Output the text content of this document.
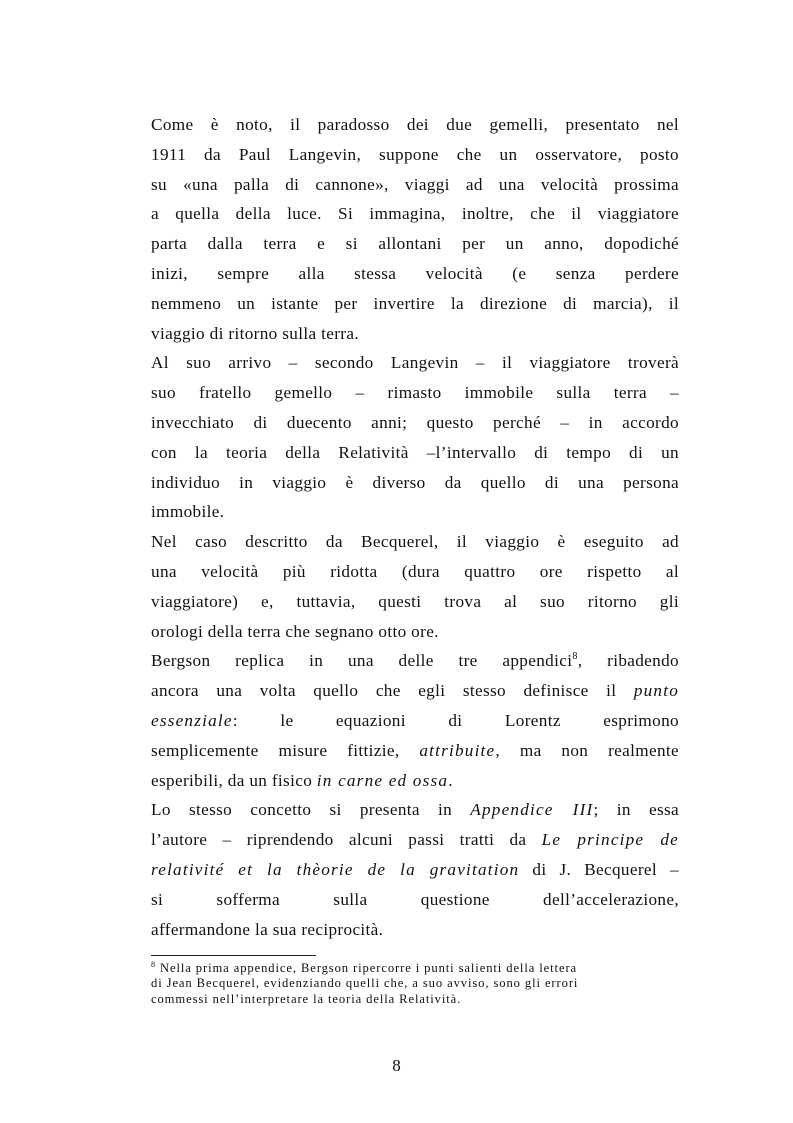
Come è noto, il paradosso dei due gemelli, presentato nel
1911 da Paul Langevin, suppone che un osservatore, posto
su «una palla di cannone», viaggi ad una velocità prossima
a quella della luce. Si immagina, inoltre, che il viaggiatore
parta dalla terra e si allontani per un anno, dopodiché
inizi, sempre alla stessa velocità (e senza perdere
nemmeno un istante per invertire la direzione di marcia), il
viaggio di ritorno sulla terra.
Al suo arrivo – secondo Langevin – il viaggiatore troverà
suo fratello gemello – rimasto immobile sulla terra –
invecchiato di duecento anni; questo perché – in accordo
con la teoria della Relatività –l’intervallo di tempo di un
individuo in viaggio è diverso da quello di una persona
immobile.
Nel caso descritto da Becquerel, il viaggio è eseguito ad
una velocità più ridotta (dura quattro ore rispetto al
viaggiatore) e, tuttavia, questi trova al suo ritorno gli
orologi della terra che segnano otto ore.
Bergson replica in una delle tre appendici$^8$, ribadendo
ancora una volta quello che egli stesso definisce il punto
essenziale: le equazioni di Lorentz esprimono
semplicemente misure fittizie, attribuite, ma non realmente
esperibili, da un fisico in carne ed ossa.
Lo stesso concetto si presenta in Appendice III; in essa
l’autore – riprendendo alcuni passi tratti da Le principe de
relativité et la thèorie de la gravitation di J. Becquerel –
si sofferma sulla questione dell’accelerazione,
affermandone la sua reciprocità.
$^8$ Nella prima appendice, Bergson ripercorre i punti salienti della lettera
di Jean Becquerel, evidenziando quelli che, a suo avviso, sono gli errori
commessi nell’interpretare la teoria della Relatività.
8
